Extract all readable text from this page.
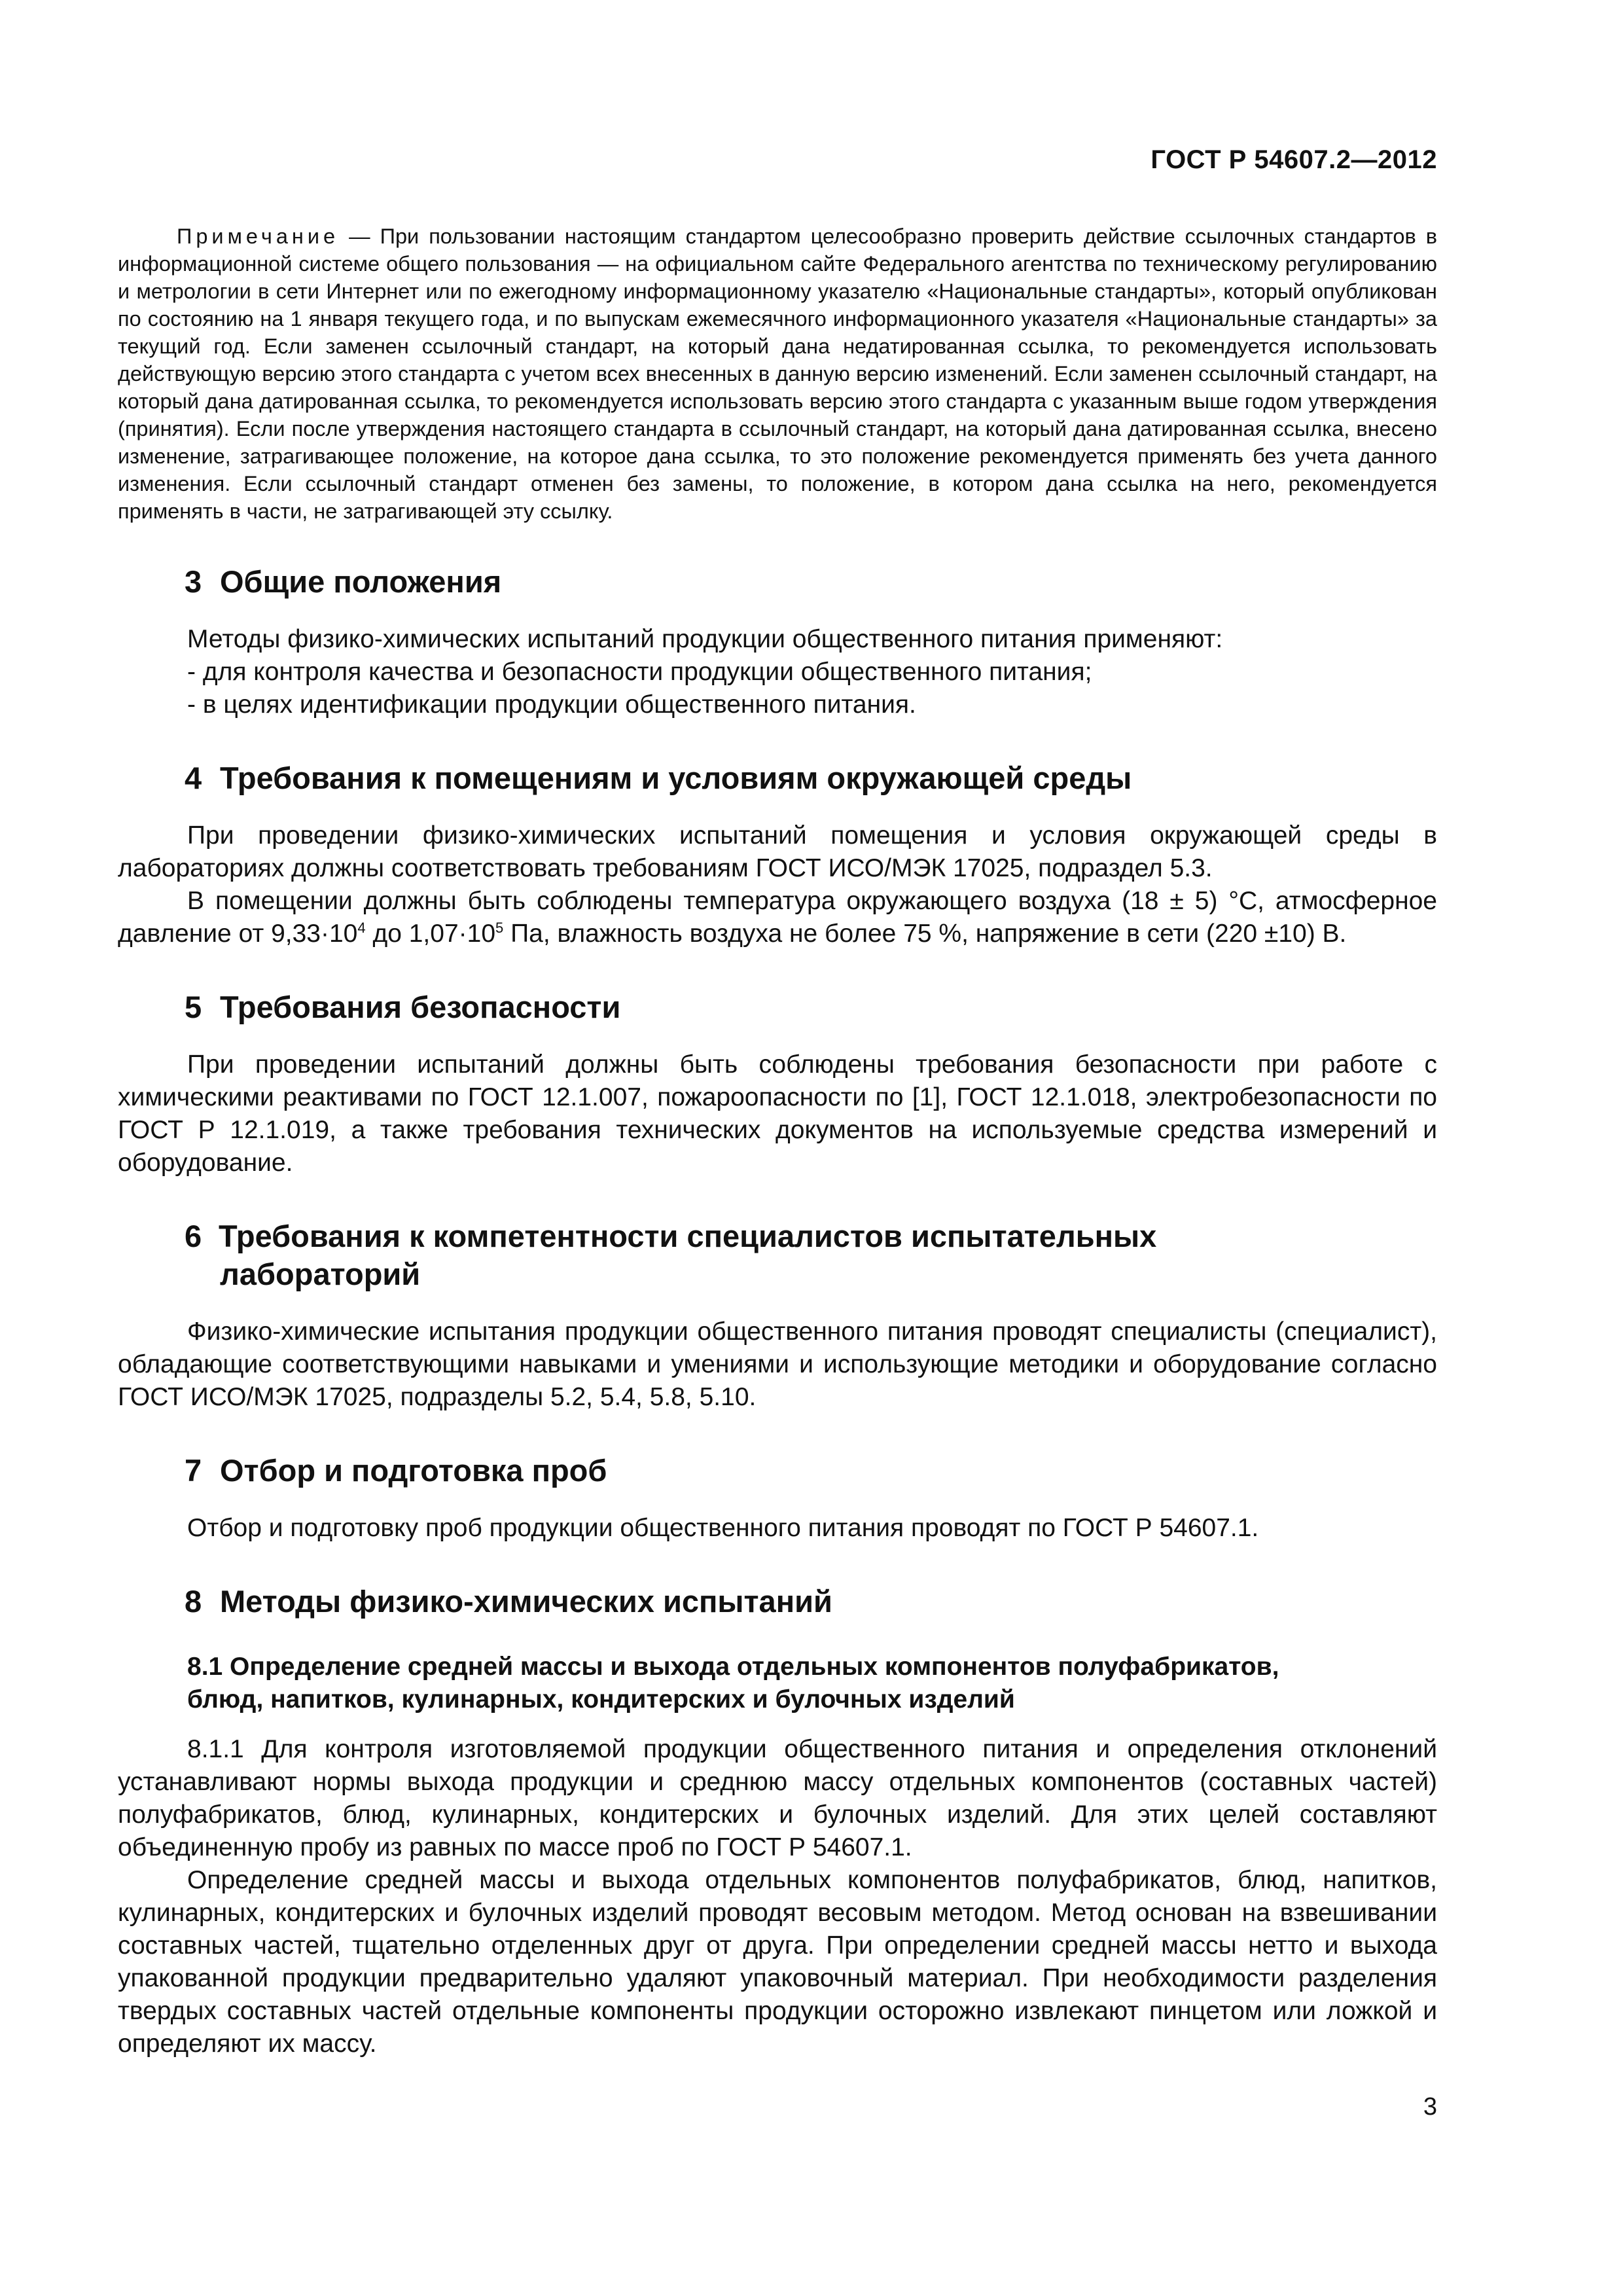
ГОСТ Р 54607.2—2012

Примечание — При пользовании настоящим стандартом целесообразно проверить действие ссылочных стандартов в информационной системе общего пользования — на официальном сайте Федерального агентства по техническому регулированию и метрологии в сети Интернет или по ежегодному информационному указателю «Национальные стандарты», который опубликован по состоянию на 1 января текущего года, и по выпускам ежемесячного информационного указателя «Национальные стандарты» за текущий год. Если заменен ссылочный стандарт, на который дана недатированная ссылка, то рекомендуется использовать действующую версию этого стандарта с учетом всех внесенных в данную версию изменений. Если заменен ссылочный стандарт, на который дана датированная ссылка, то рекомендуется использовать версию этого стандарта с указанным выше годом утверждения (принятия). Если после утверждения настоящего стандарта в ссылочный стандарт, на который дана датированная ссылка, внесено изменение, затрагивающее положение, на которое дана ссылка, то это положение рекомендуется применять без учета данного изменения. Если ссылочный стандарт отменен без замены, то положение, в котором дана ссылка на него, рекомендуется применять в части, не затрагивающей эту ссылку.

3 Общие положения

Методы физико-химических испытаний продукции общественного питания применяют:

- для контроля качества и безопасности продукции общественного питания;

- в целях идентификации продукции общественного питания.

4 Требования к помещениям и условиям окружающей среды

При проведении физико-химических испытаний помещения и условия окружающей среды в лабораториях должны соответствовать требованиям ГОСТ ИСО/МЭК 17025, подраздел 5.3.

В помещении должны быть соблюдены температура окружающего воздуха (18 ± 5) °С, атмосферное давление от $9,33\cdot 10^4$ до $1,07\cdot 10^5$ Па, влажность воздуха не более 75 %, напряжение в сети (220 ±10) В.

5 Требования безопасности

При проведении испытаний должны быть соблюдены требования безопасности при работе с химическими реактивами по ГОСТ 12.1.007, пожароопасности по [1], ГОСТ 12.1.018, электробезопасности по ГОСТ Р 12.1.019, а также требования технических документов на используемые средства измерений и оборудование.

6 Требования к компетентности специалистов испытательных
лабораторий

Физико-химические испытания продукции общественного питания проводят специалисты (специалист), обладающие соответствующими навыками и умениями и использующие методики и оборудование согласно ГОСТ ИСО/МЭК 17025, подразделы 5.2, 5.4, 5.8, 5.10.

7 Отбор и подготовка проб

Отбор и подготовку проб продукции общественного питания проводят по ГОСТ Р 54607.1.

8 Методы физико-химических испытаний
8.1 Определение средней массы и выхода отдельных компонентов полуфабрикатов,
блюд, напитков, кулинарных, кондитерских и булочных изделий

8.1.1 Для контроля изготовляемой продукции общественного питания и определения отклонений устанавливают нормы выхода продукции и среднюю массу отдельных компонентов (составных частей) полуфабрикатов, блюд, кулинарных, кондитерских и булочных изделий. Для этих целей составляют объединенную пробу из равных по массе проб по ГОСТ Р 54607.1.

Определение средней массы и выхода отдельных компонентов полуфабрикатов, блюд, напитков, кулинарных, кондитерских и булочных изделий проводят весовым методом. Метод основан на взвешивании составных частей, тщательно отделенных друг от друга. При определении средней массы нетто и выхода упакованной продукции предварительно удаляют упаковочный материал. При необходимости разделения твердых составных частей отдельные компоненты продукции осторожно извлекают пинцетом или ложкой и определяют их массу.

3
